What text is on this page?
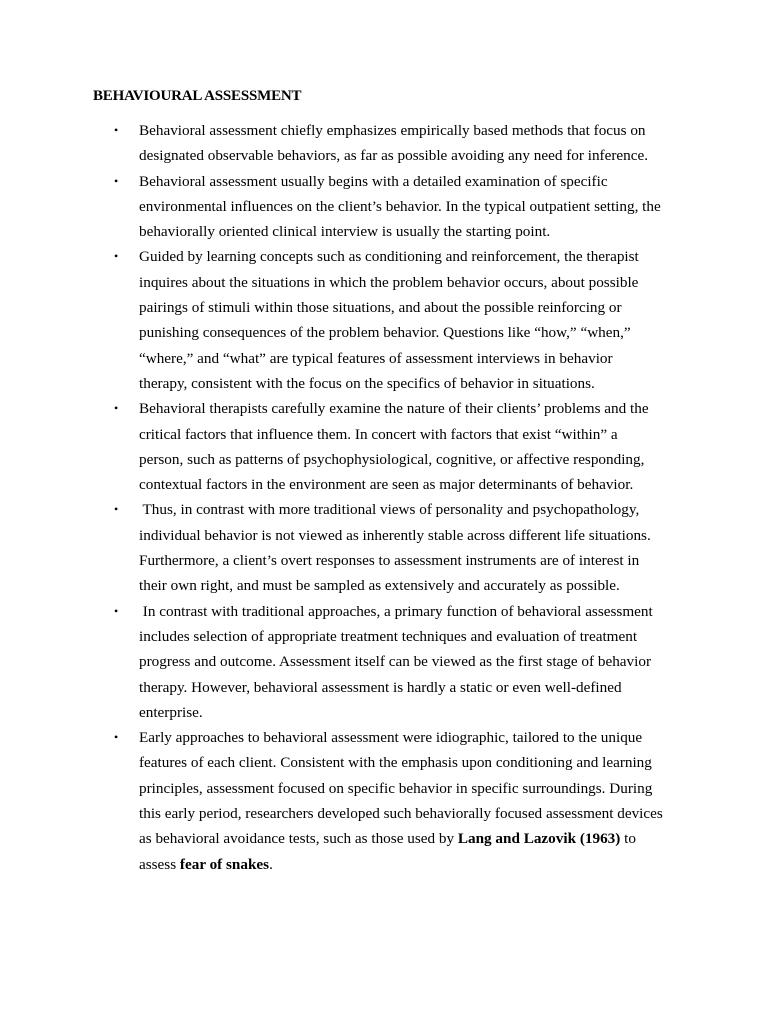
BEHAVIOURAL ASSESSMENT
• Behavioral assessment chiefly emphasizes empirically based methods that focus on
designated observable behaviors, as far as possible avoiding any need for inference.
• Behavioral assessment usually begins with a detailed examination of specific
environmental influences on the client’s behavior. In the typical outpatient setting, the
behaviorally oriented clinical interview is usually the starting point.
• Guided by learning concepts such as conditioning and reinforcement, the therapist
inquires about the situations in which the problem behavior occurs, about possible
pairings of stimuli within those situations, and about the possible reinforcing or
punishing consequences of the problem behavior. Questions like “how,” “when,”
“where,” and “what” are typical features of assessment interviews in behavior
therapy, consistent with the focus on the specifics of behavior in situations.
• Behavioral therapists carefully examine the nature of their clients’ problems and the
critical factors that influence them. In concert with factors that exist “within” a
person, such as patterns of psychophysiological, cognitive, or affective responding,
contextual factors in the environment are seen as major determinants of behavior.
• Thus, in contrast with more traditional views of personality and psychopathology,
individual behavior is not viewed as inherently stable across different life situations.
Furthermore, a client’s overt responses to assessment instruments are of interest in
their own right, and must be sampled as extensively and accurately as possible.
• In contrast with traditional approaches, a primary function of behavioral assessment
includes selection of appropriate treatment techniques and evaluation of treatment
progress and outcome. Assessment itself can be viewed as the first stage of behavior
therapy. However, behavioral assessment is hardly a static or even well-defined
enterprise.
• Early approaches to behavioral assessment were idiographic, tailored to the unique
features of each client. Consistent with the emphasis upon conditioning and learning
principles, assessment focused on specific behavior in specific surroundings. During
this early period, researchers developed such behaviorally focused assessment devices
as behavioral avoidance tests, such as those used by Lang and Lazovik (1963) to
assess fear of snakes.
